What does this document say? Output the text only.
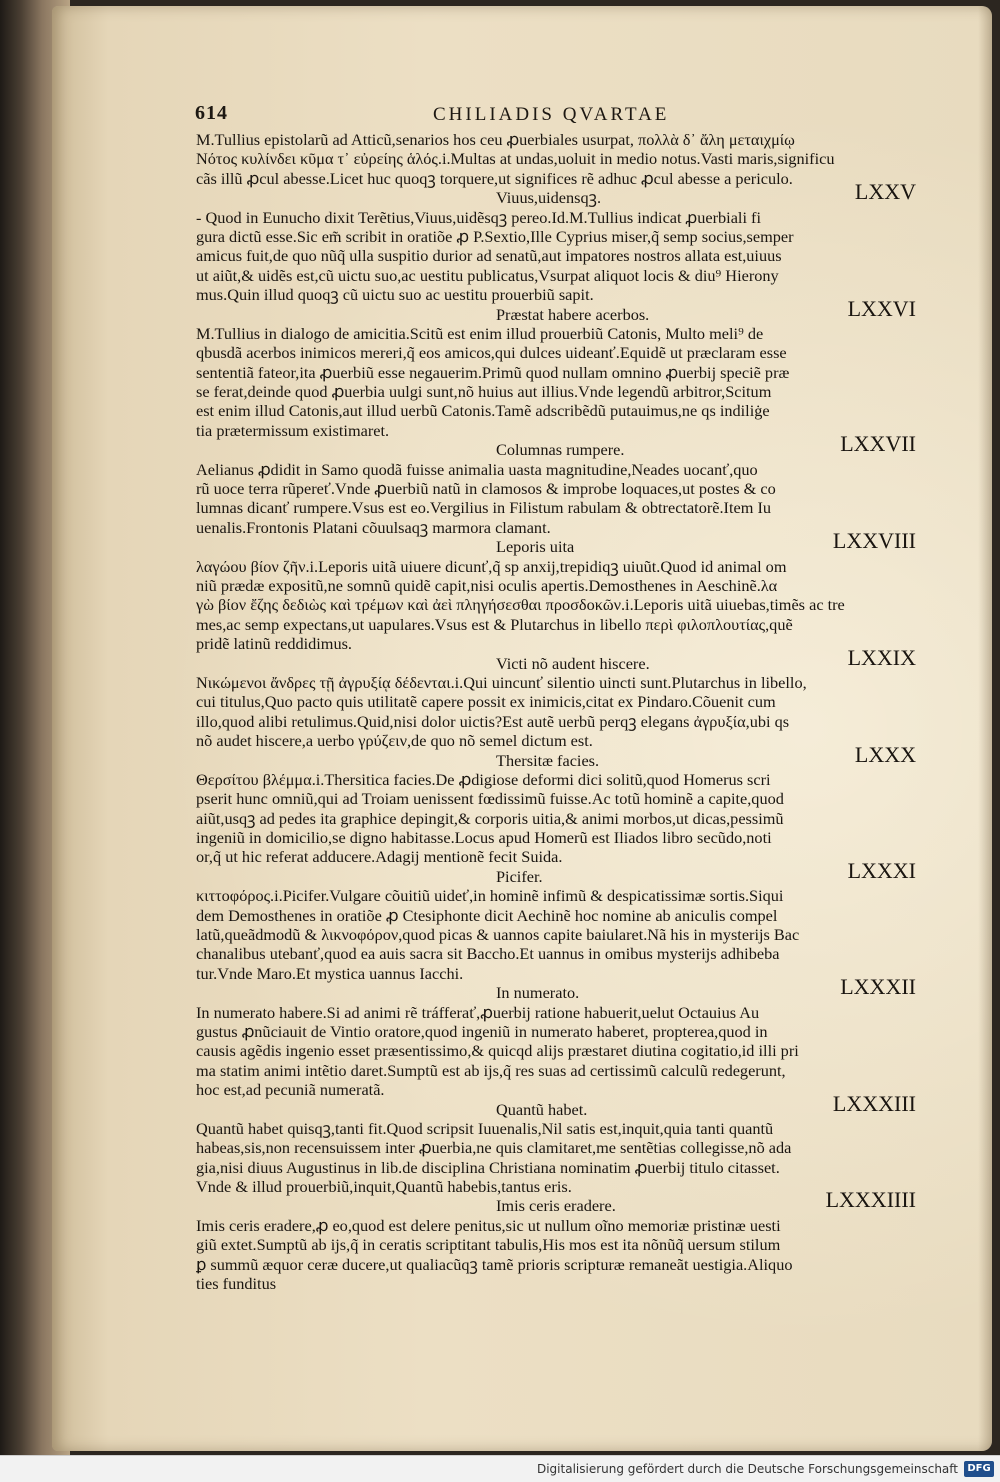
614	CHILIADIS QVARTAE
M.Tullius epistolarũ ad Atticũ,senarios hos ceu ꝓuerbiales usurpat, πολλὰ δ᾽ ἄλη μεταιχμίῳ
Νότος κυλίνδει κῦμα τ᾽ εὐρείης ἁλός.i.Multas at undas,uoluit in medio notus.Vasti maris,significu
cãs illũ ꝓcul abesse.Licet huc quoqꝫ torquere,ut significes rẽ adhuc ꝓcul abesse a periculo.
Viuus,uidensqꝫ.	LXXV
- Quod in Eunucho dixit Terẽtius,Viuus,uidẽsqꝫ pereo.Id.M.Tullius indicat ꝓuerbiali fi
gura dictũ esse.Sic em̃ scribit in oratiõe ꝓ P.Sextio,Ille Cyprius miser,q̃ semp socius,semper
amicus fuit,de quo nũq̃ ulla suspitio durior ad senatũ,aut impatores nostros allata est,uiuus
ut aiũt,& uidẽs est,cũ uictu suo,ac uestitu publicatus,Vsurpat aliquot locis & diu⁹ Hierony
mus.Quin illud quoqꝫ cũ uictu suo ac uestitu prouerbiũ sapit.
Præstat habere acerbos.	LXXVI
M.Tullius in dialogo de amicitia.Scitũ est enim illud prouerbiũ Catonis, Multo meli⁹ de
qbusdã acerbos inimicos mereri,q̃ eos amicos,qui dulces uideanť.Equidẽ ut præclaram esse
sententiã fateor,ita ꝓuerbiũ esse negauerim.Primũ quod nullam omnino ꝓuerbij speciẽ præ
se ferat,deinde quod ꝓuerbia uulgi sunt,nõ huius aut illius.Vnde legendũ arbitror,Scitum
est enim illud Catonis,aut illud uerbũ Catonis.Tamẽ adscribẽdũ putauimus,ne qs indiliġe
tia prætermissum existimaret.
Columnas rumpere.	LXXVII
Aelianus ꝓdidit in Samo quodã fuisse animalia uasta magnitudine,Neades uocanť,quo
rũ uoce terra rũpereť.Vnde ꝓuerbiũ natũ in clamosos & improbe loquaces,ut postes & co
lumnas dicanť rumpere.Vsus est eo.Vergilius in Filistum rabulam & obtrectatorẽ.Item Iu
uenalis.Frontonis Platani cõuulsaqꝫ marmora clamant.
Leporis uita	LXXVIII
λαγώου βίον ζῆν.i.Leporis uitã uiuere dicunť,q̃ sp anxij,trepidiqꝫ uiuũt.Quod id animal om
niũ prædæ expositũ,ne somnũ quidẽ capit,nisi oculis apertis.Demosthenes in Aeschinẽ.λα
γὼ βίον ἔζης δεδιὼς καὶ τρέμων καὶ ἀεὶ πληγήσεσθαι προσδοκῶν.i.Leporis uitã uiuebas,timẽs ac tre
mes,ac semp expectans,ut uapulares.Vsus est & Plutarchus in libello περὶ φιλοπλουτίας,quẽ
pridẽ latinũ reddidimus.
Victi nõ audent hiscere.	LXXIX
Νικώμενοι ἄνδρες τῇ ἀγρυξίᾳ δέδενται.i.Qui uincunť silentio uincti sunt.Plutarchus in libello,
cui titulus,Quo pacto quis utilitatẽ capere possit ex inimicis,citat ex Pindaro.Cõuenit cum
illo,quod alibi retulimus.Quid,nisi dolor uictis?Est autẽ uerbũ perqꝫ elegans ἀγρυξία,ubi qs
nõ audet hiscere,a uerbo γρύζειν,de quo nõ semel dictum est.
Thersitæ facies.	LXXX
Θερσίτου βλέμμα.i.Thersitica facies.De ꝓdigiose deformi dici solitũ,quod Homerus scri
pserit hunc omniũ,qui ad Troiam uenissent fœdissimũ fuisse.Ac totũ hominẽ a capite,quod
aiũt,usqꝫ ad pedes ita graphice depingit,& corporis uitia,& animi morbos,ut dicas,pessimũ
ingeniũ in domicilio,se digno habitasse.Locus apud Homerũ est Iliados libro secũdo,noti
or,q̃ ut hic referat adducere.Adagij mentionẽ fecit Suida.
Picifer.	LXXXI
κιττοφόρος.i.Picifer.Vulgare cõuitiũ uideť,in hominẽ infimũ & despicatissimæ sortis.Siqui
dem Demosthenes in oratiõe ꝓ Ctesiphonte dicit Aechinẽ hoc nomine ab aniculis compel
latũ,queãdmodũ & λικνοφόρον,quod picas & uannos capite baiularet.Nã his in mysterijs Bac
chanalibus utebanť,quod ea auis sacra sit Baccho.Et uannus in omibus mysterijs adhibeba
tur.Vnde Maro.Et mystica uannus Iacchi.
In numerato.	LXXXII
In numerato habere.Si ad animi rẽ tráfferať,ꝓuerbij ratione habuerit,uelut Octauius Au
gustus ꝓnũciauit de Vintio oratore,quod ingeniũ in numerato haberet, propterea,quod in
causis agẽdis ingenio esset præsentissimo,& quicqd alijs præstaret diutina cogitatio,id illi pri
ma statim animi intẽtio daret.Sumptũ est ab ijs,q̃ res suas ad certissimũ calculũ redegerunt,
hoc est,ad pecuniã numeratã.
Quantũ habet.	LXXXIII
Quantũ habet quisqꝫ,tanti fit.Quod scripsit Iuuenalis,Nil satis est,inquit,quia tanti quantũ
habeas,sis,non recensuissem inter ꝓuerbia,ne quis clamitaret,me sentẽtias collegisse,nõ ada
gia,nisi diuus Augustinus in lib.de disciplina Christiana nominatim ꝓuerbij titulo citasset.
Vnde & illud prouerbiũ,inquit,Quantũ habebis,tantus eris.
Imis ceris eradere.	LXXXIIII
Imis ceris eradere,ꝓ eo,quod est delere penitus,sic ut nullum oĩno memoriæ pristinæ uesti
giũ extet.Sumptũ ab ijs,q̃ in ceratis scriptitant tabulis,His mos est ita nõnũq̃ uersum stilum
ꝑ summũ æquor ceræ ducere,ut qualiacũqꝫ tamẽ prioris scripturæ remaneãt uestigia.Aliquo
ties funditus
Digitalisierung gefördert durch die Deutsche Forschungsgemeinschaft DFG
